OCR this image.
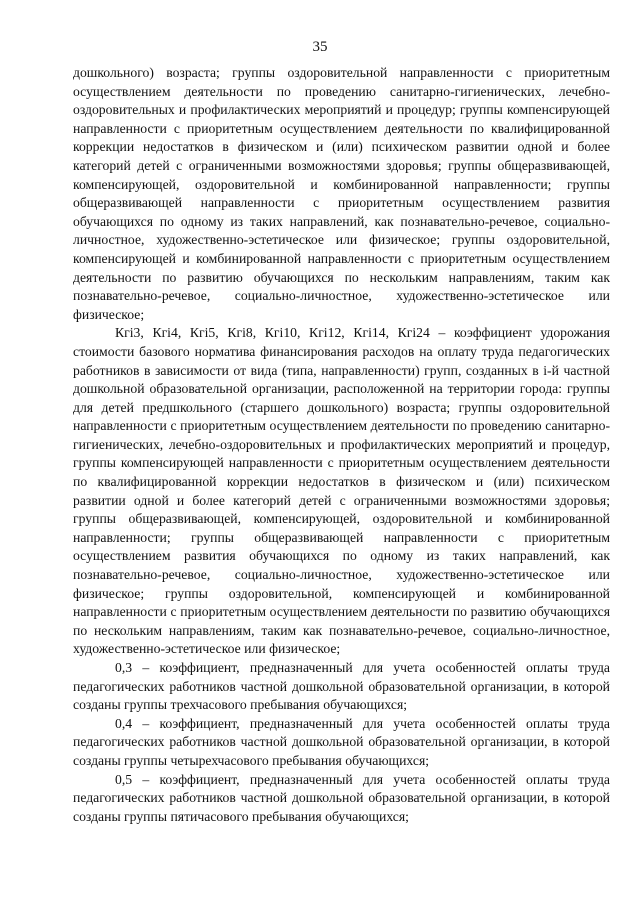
35

дошкольного) возраста; группы оздоровительной направленности с приоритетным осуществлением деятельности по проведению санитарно-гигиенических, лечебно-оздоровительных и профилактических мероприятий и процедур; группы компенсирующей направленности с приоритетным осуществлением деятельности по квалифицированной коррекции недостатков в физическом и (или) психическом развитии одной и более категорий детей с ограниченными возможностями здоровья; группы общеразвивающей, компенсирующей, оздоровительной и комбинированной направленности; группы общеразвивающей направленности с приоритетным осуществлением развития обучающихся по одному из таких направлений, как познавательно-речевое, социально-личностное, художественно-эстетическое или физическое; группы оздоровительной, компенсирующей и комбинированной направленности с приоритетным осуществлением деятельности по развитию обучающихся по нескольким направлениям, таким как познавательно-речевое, социально-личностное, художественно-эстетическое или физическое;

Кгі3, Кгі4, Кгі5, Кгі8, Кгі10, Кгі12, Кгі14, Кгі24 – коэффициент удорожания стоимости базового норматива финансирования расходов на оплату труда педагогических работников в зависимости от вида (типа, направленности) групп, созданных в і-й частной дошкольной образовательной организации, расположенной на территории города: группы для детей предшкольного (старшего дошкольного) возраста; группы оздоровительной направленности с приоритетным осуществлением деятельности по проведению санитарно-гигиенических, лечебно-оздоровительных и профилактических мероприятий и процедур, группы компенсирующей направленности с приоритетным осуществлением деятельности по квалифицированной коррекции недостатков в физическом и (или) психическом развитии одной и более категорий детей с ограниченными возможностями здоровья; группы общеразвивающей, компенсирующей, оздоровительной и комбинированной направленности; группы общеразвивающей направленности с приоритетным осуществлением развития обучающихся по одному из таких направлений, как познавательно-речевое, социально-личностное, художественно-эстетическое или физическое; группы оздоровительной, компенсирующей и комбинированной направленности с приоритетным осуществлением деятельности по развитию обучающихся по нескольким направлениям, таким как познавательно-речевое, социально-личностное, художественно-эстетическое или физическое;

0,3 – коэффициент, предназначенный для учета особенностей оплаты труда педагогических работников частной дошкольной образовательной организации, в которой созданы группы трехчасового пребывания обучающихся;

0,4 – коэффициент, предназначенный для учета особенностей оплаты труда педагогических работников частной дошкольной образовательной организации, в которой созданы группы четырехчасового пребывания обучающихся;

0,5 – коэффициент, предназначенный для учета особенностей оплаты труда педагогических работников частной дошкольной образовательной организации, в которой созданы группы пятичасового пребывания обучающихся;
